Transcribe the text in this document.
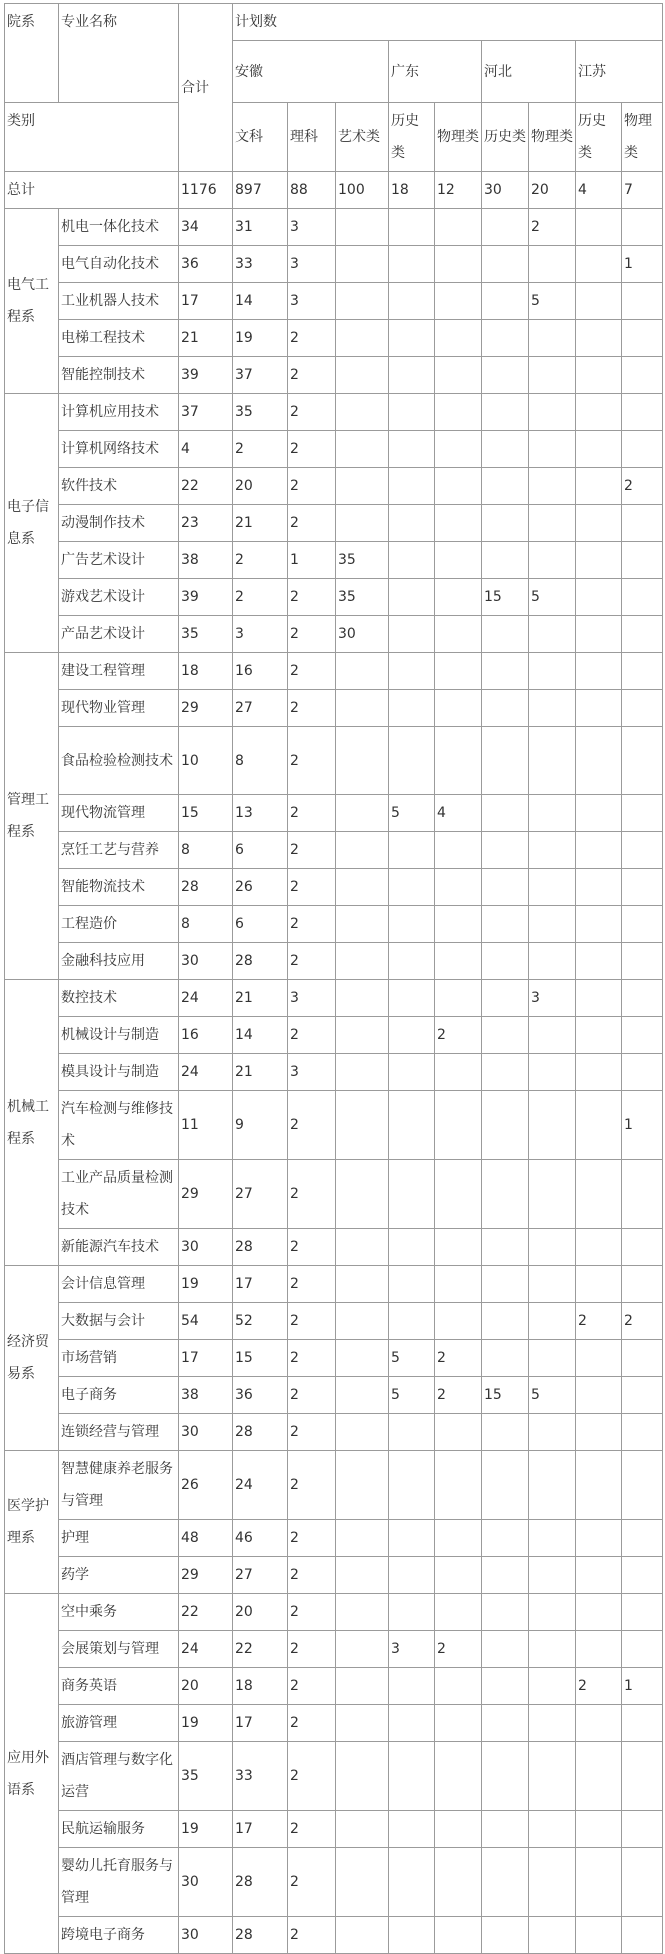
院系	专业名称	合计	计划数								
			安徽			广东		河北		江苏	
类别			文科	理科	艺术类	历史类	物理类	历史类	物理类	历史类	物理类
总计		1176	897	88	100	18	12	30	20	4	7
电气工程系	机电一体化技术	34	31	3					2		
	电气自动化技术	36	33	3							1
	工业机器人技术	17	14	3					5		
	电梯工程技术	21	19	2							
	智能控制技术	39	37	2							
电子信息系	计算机应用技术	37	35	2							
	计算机网络技术	4	2	2							
	软件技术	22	20	2							2
	动漫制作技术	23	21	2							
	广告艺术设计	38	2	1	35						
	游戏艺术设计	39	2	2	35			15	5		
	产品艺术设计	35	3	2	30						
管理工程系	建设工程管理	18	16	2							
	现代物业管理	29	27	2							
	食品检验检测技术	10	8	2							
	现代物流管理	15	13	2		5	4				
	烹饪工艺与营养	8	6	2							
	智能物流技术	28	26	2							
	工程造价	8	6	2							
	金融科技应用	30	28	2							
机械工程系	数控技术	24	21	3					3		
	机械设计与制造	16	14	2			2				
	模具设计与制造	24	21	3							
	汽车检测与维修技术	11	9	2							1
	工业产品质量检测技术	29	27	2							
	新能源汽车技术	30	28	2							
经济贸易系	会计信息管理	19	17	2							
	大数据与会计	54	52	2						2	2
	市场营销	17	15	2		5	2				
	电子商务	38	36	2		5	2	15	5		
	连锁经营与管理	30	28	2							
医学护理系	智慧健康养老服务与管理	26	24	2							
	护理	48	46	2							
	药学	29	27	2							
应用外语系	空中乘务	22	20	2							
	会展策划与管理	24	22	2		3	2				
	商务英语	20	18	2						2	1
	旅游管理	19	17	2							
	酒店管理与数字化运营	35	33	2							
	民航运输服务	19	17	2							
	婴幼儿托育服务与管理	30	28	2							
	跨境电子商务	30	28	2							
